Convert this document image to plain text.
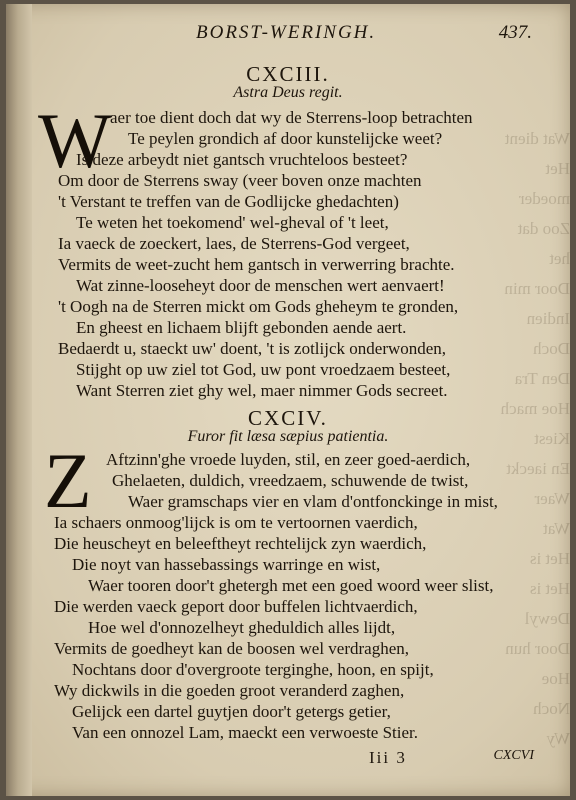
Wat dient
Het moeder
Zoo dat het
Door min
Indien
Doch
Den Tra
Hoe mach
Kiest
En iaeckt
Waer
Wat
Het is
Het is
Dewyl
Door hun
Hoe
Noch
Wy
BORST-WERINGH.	437.
CXCIII.
Astra Deus regit.
W
aer toe dient doch dat wy de Sterrens-loop betrachten
Te peylen grondich af door kunstelijcke weet?
Is deze arbeydt niet gantsch vruchteloos besteet?
Om door de Sterrens sway (veer boven onze machten
't Verstant te treffen van de Godlijcke ghedachten)
Te weten het toekomend' wel-gheval of 't leet,
Ia vaeck de zoeckert, laes, de Sterrens-God vergeet,
Vermits de weet-zucht hem gantsch in verwerring brachte.
Wat zinne-looseheyt door de menschen wert aenvaert!
't Oogh na de Sterren mickt om Gods gheheym te gronden,
En gheest en lichaem blijft gebonden aende aert.
Bedaerdt u, staeckt uw' doent, 't is zotlijck onderwonden,
Stijght op uw ziel tot God, uw pont vroedzaem besteet,
Want Sterren ziet ghy wel, maer nimmer Gods secreet.
CXCIV.
Furor fit læsa sæpius patientia.
Z Aftzinn'ghe vroede luyden, stil, en zeer goed-aerdich,
Ghelaeten, duldich, vreedzaem, schuwende de twist,
Waer gramschaps vier en vlam d'ontfonckinge in mist,
Ia schaers onmoog'lijck is om te vertoornen vaerdich,
Die heuscheyt en beleeftheyt rechtelijck zyn waerdich,
Die noyt van hassebassings warringe en wist,
Waer tooren door't ghetergh met een goed woord weer slist,
Die werden vaeck geport door buffelen lichtvaerdich,
Hoe wel d'onnozelheyt gheduldich alles lijdt,
Vermits de goedheyt kan de boosen wel verdraghen,
Nochtans door d'overgroote terginghe, hoon, en spijt,
Wy dickwils in die goeden groot veranderd zaghen,
Gelijck een dartel guytjen door't getergs getier,
Van een onnozel Lam, maeckt een verwoeste Stier.
Iii 3	CXCVI
